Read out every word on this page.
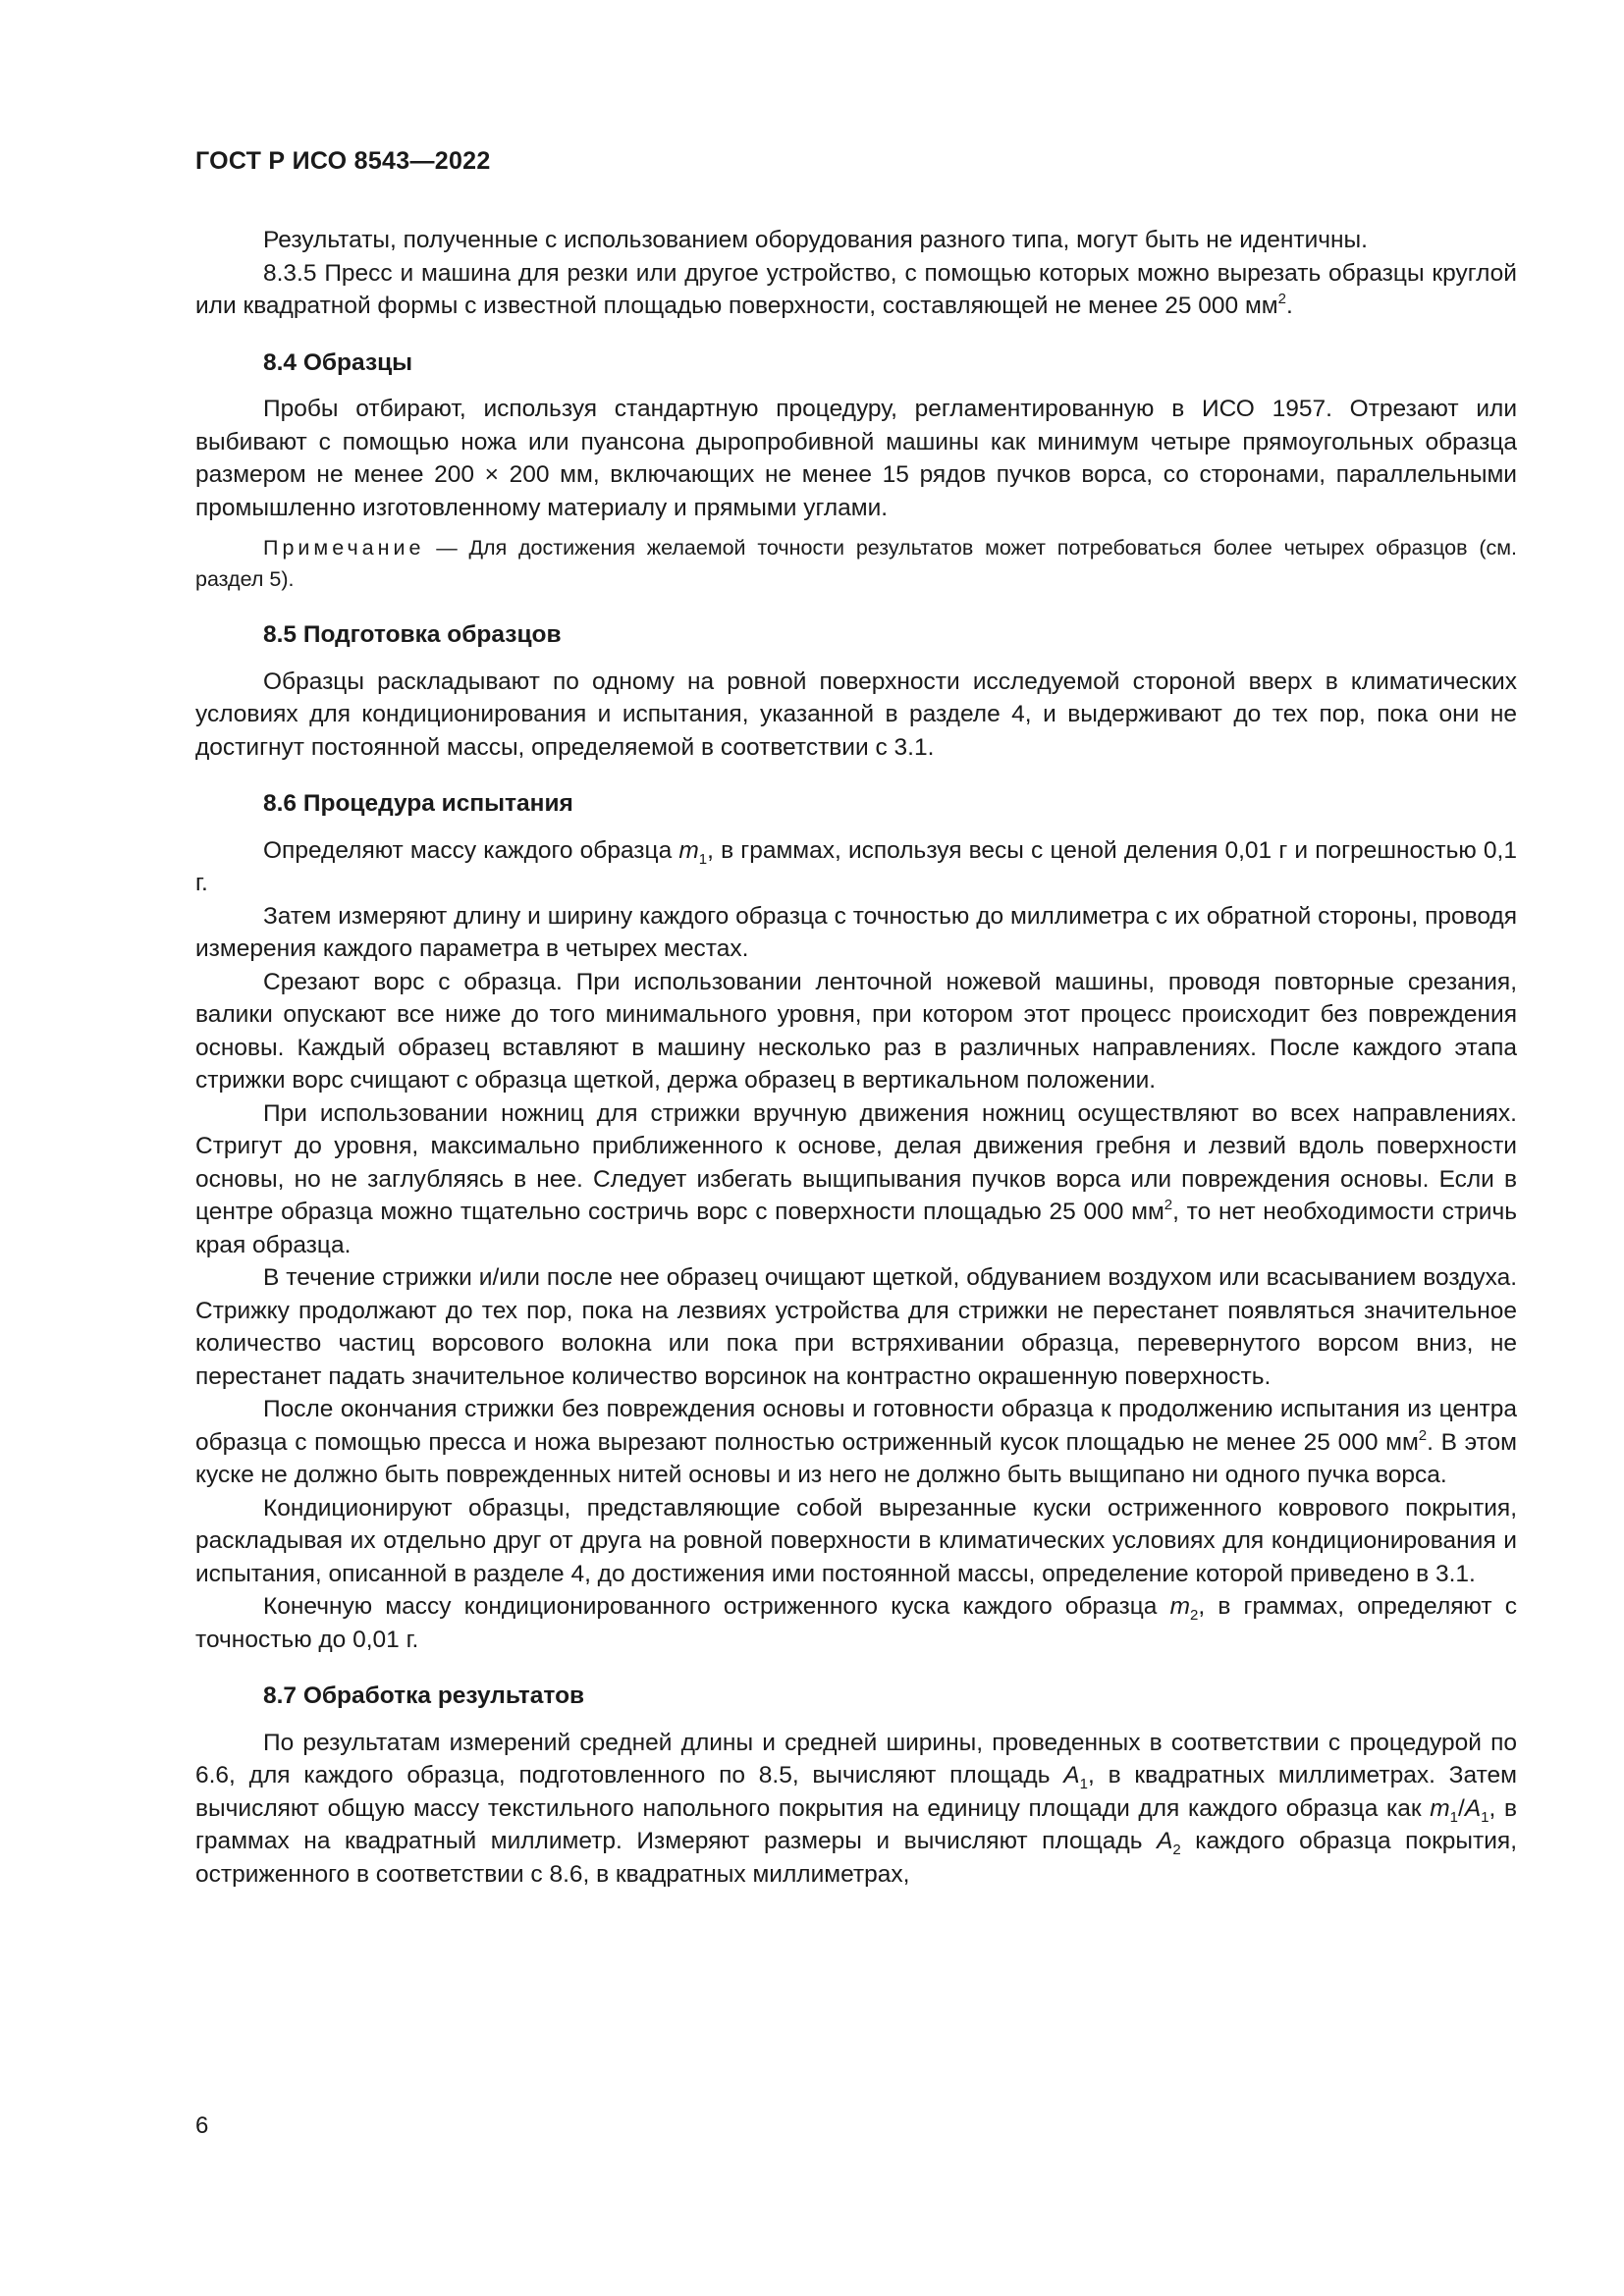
ГОСТ Р ИСО 8543—2022

Результаты, полученные с использованием оборудования разного типа, могут быть не идентичны.

8.3.5 Пресс и машина для резки или другое устройство, с помощью которых можно вырезать образцы круглой или квадратной формы с известной площадью поверхности, составляющей не менее 25 000 $мм^2$.

8.4 Образцы

Пробы отбирают, используя стандартную процедуру, регламентированную в ИСО 1957. Отрезают или выбивают с помощью ножа или пуансона дыропробивной машины как минимум четыре прямоугольных образца размером не менее 200 × 200 мм, включающих не менее 15 рядов пучков ворса, со сторонами, параллельными промышленно изготовленному материалу и прямыми углами.

Примечание — Для достижения желаемой точности результатов может потребоваться более четырех образцов (см. раздел 5).

8.5 Подготовка образцов

Образцы раскладывают по одному на ровной поверхности исследуемой стороной вверх в климатических условиях для кондиционирования и испытания, указанной в разделе 4, и выдерживают до тех пор, пока они не достигнут постоянной массы, определяемой в соответствии с 3.1.

8.6 Процедура испытания

Определяют массу каждого образца $m_1$, в граммах, используя весы с ценой деления 0,01 г и погрешностью 0,1 г.

Затем измеряют длину и ширину каждого образца с точностью до миллиметра с их обратной стороны, проводя измерения каждого параметра в четырех местах.

Срезают ворс с образца. При использовании ленточной ножевой машины, проводя повторные срезания, валики опускают все ниже до того минимального уровня, при котором этот процесс происходит без повреждения основы. Каждый образец вставляют в машину несколько раз в различных направлениях. После каждого этапа стрижки ворс счищают с образца щеткой, держа образец в вертикальном положении.

При использовании ножниц для стрижки вручную движения ножниц осуществляют во всех направлениях. Стригут до уровня, максимально приближенного к основе, делая движения гребня и лезвий вдоль поверхности основы, но не заглубляясь в нее. Следует избегать выщипывания пучков ворса или повреждения основы. Если в центре образца можно тщательно состричь ворс с поверхности площадью 25 000 $мм^2$, то нет необходимости стричь края образца.

В течение стрижки и/или после нее образец очищают щеткой, обдуванием воздухом или всасыванием воздуха. Стрижку продолжают до тех пор, пока на лезвиях устройства для стрижки не перестанет появляться значительное количество частиц ворсового волокна или пока при встряхивании образца, перевернутого ворсом вниз, не перестанет падать значительное количество ворсинок на контрастно окрашенную поверхность.

После окончания стрижки без повреждения основы и готовности образца к продолжению испытания из центра образца с помощью пресса и ножа вырезают полностью остриженный кусок площадью не менее 25 000 $мм^2$. В этом куске не должно быть поврежденных нитей основы и из него не должно быть выщипано ни одного пучка ворса.

Кондиционируют образцы, представляющие собой вырезанные куски остриженного коврового покрытия, раскладывая их отдельно друг от друга на ровной поверхности в климатических условиях для кондиционирования и испытания, описанной в разделе 4, до достижения ими постоянной массы, определение которой приведено в 3.1.

Конечную массу кондиционированного остриженного куска каждого образца $m_2$, в граммах, определяют с точностью до 0,01 г.

8.7 Обработка результатов

По результатам измерений средней длины и средней ширины, проведенных в соответствии с процедурой по 6.6, для каждого образца, подготовленного по 8.5, вычисляют площадь $A_1$, в квадратных миллиметрах. Затем вычисляют общую массу текстильного напольного покрытия на единицу площади для каждого образца как $m_1/A_1$, в граммах на квадратный миллиметр. Измеряют размеры и вычисляют площадь $A_2$ каждого образца покрытия, остриженного в соответствии с 8.6, в квадратных миллиметрах,

6
